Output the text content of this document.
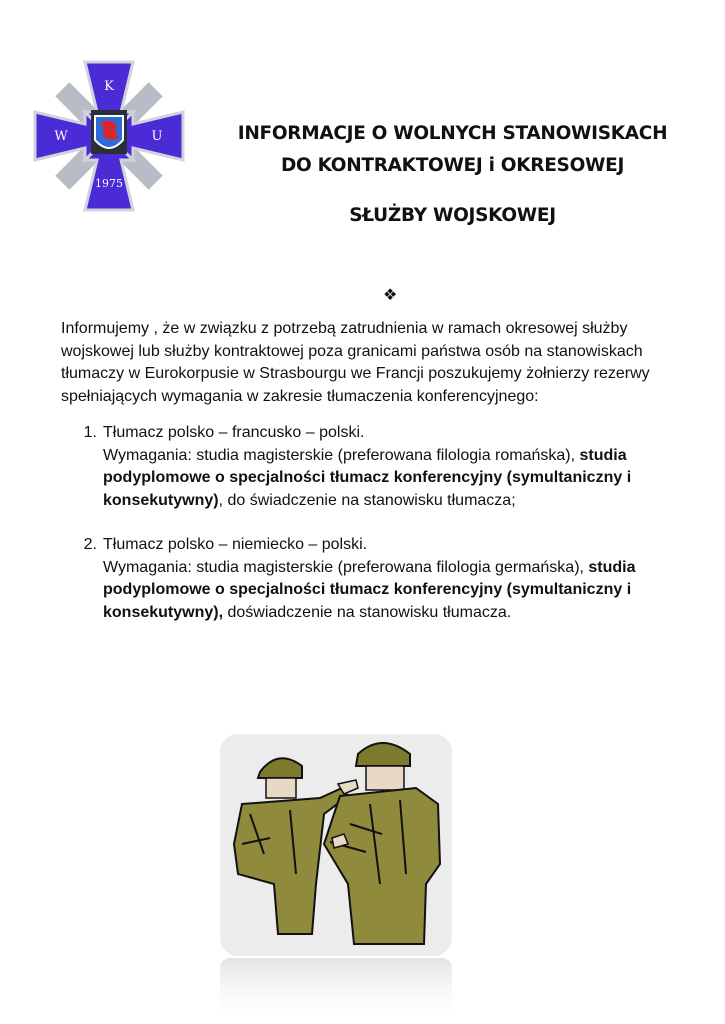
K
W	U
1975
INFORMACJE O WOLNYCH STANOWISKACH
DO KONTRAKTOWEJ i OKRESOWEJ
SŁUŻBY WOJSKOWEJ
❖

Informujemy , że w związku z potrzebą zatrudnienia w ramach okresowej służby wojskowej lub służby kontraktowej poza granicami państwa osób na stanowiskach tłumaczy w Eurokorpusie w Strasbourgu we Francji poszukujemy żołnierzy rezerwy spełniających wymagania w zakresie tłumaczenia konferencyjnego:

1. Tłumacz polsko – francusko – polski.
Wymagania: studia magisterskie (preferowana filologia romańska), studia podyplomowe o specjalności tłumacz konferencyjny (symultaniczny i konsekutywny), do świadczenie na stanowisku tłumacza;
2. Tłumacz polsko – niemiecko – polski.
Wymagania: studia magisterskie (preferowana filologia germańska), studia podyplomowe o specjalności tłumacz konferencyjny (symultaniczny i konsekutywny), doświadczenie na stanowisku tłumacza.
